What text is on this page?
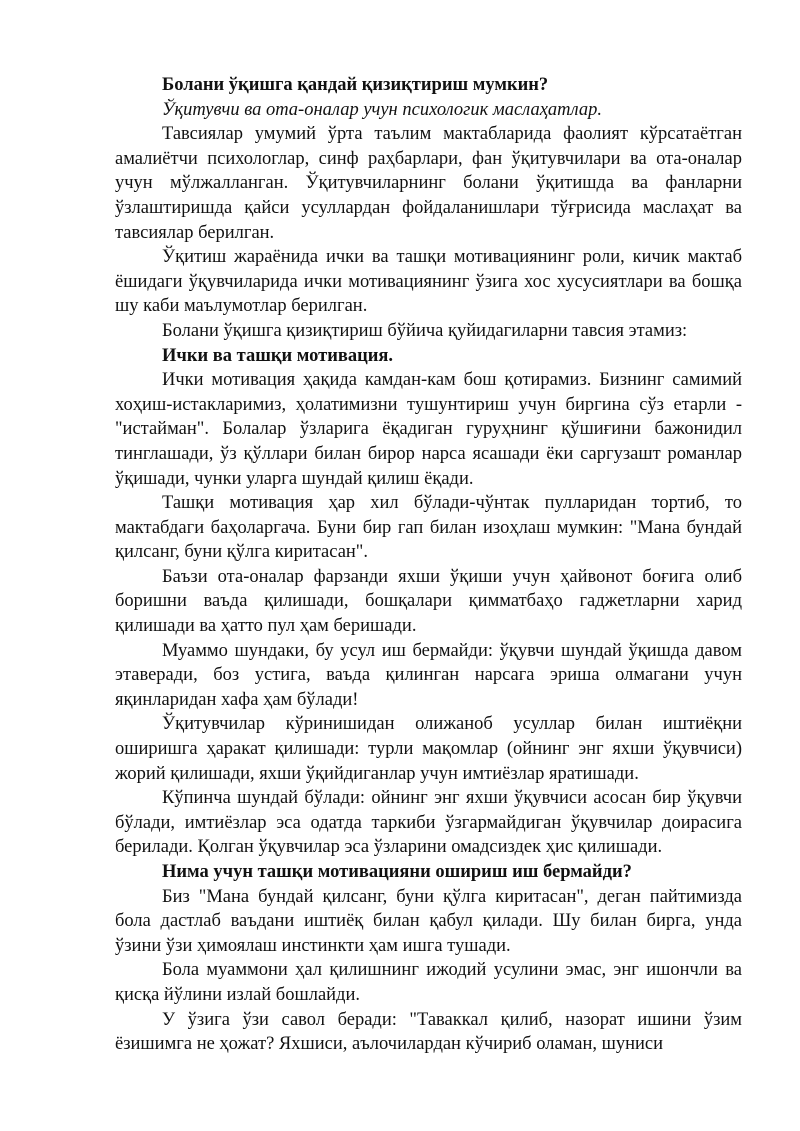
Болани ўқишга қандай қизиқтириш мумкин?

Ўқитувчи ва ота-оналар учун психологик маслаҳатлар.

Тавсиялар умумий ўрта таълим мактабларида фаолият кўрсатаётган амалиётчи психологлар, синф раҳбарлари, фан ўқитувчилари ва ота-оналар учун мўлжалланган. Ўқитувчиларнинг болани ўқитишда ва фанларни ўзлаштиришда қайси усуллардан фойдаланишлари тўғрисида маслаҳат ва тавсиялар берилган.

Ўқитиш жараёнида ички ва ташқи мотивациянинг роли, кичик мактаб ёшидаги ўқувчиларида ички мотивациянинг ўзига хос хусусиятлари ва бошқа шу каби маълумотлар берилган.

Болани ўқишга қизиқтириш бўйича қуйидагиларни тавсия этамиз:

Ички ва ташқи мотивация.

Ички мотивация ҳақида камдан-кам бош қотирамиз. Бизнинг самимий хоҳиш-истакларимиз, ҳолатимизни тушунтириш учун биргина сўз етарли - "истайман". Болалар ўзларига ёқадиган гуруҳнинг қўшиғини бажонидил тинглашади, ўз қўллари билан бирор нарса ясашади ёки саргузашт романлар ўқишади, чунки уларга шундай қилиш ёқади.

Ташқи мотивация ҳар хил бўлади-чўнтак пулларидан тортиб, то мактабдаги баҳоларгача. Буни бир гап билан изоҳлаш мумкин: "Мана бундай қилсанг, буни қўлга киритасан".

Баъзи ота-оналар фарзанди яхши ўқиши учун ҳайвонот боғига олиб боришни ваъда қилишади, бошқалари қимматбаҳо гаджетларни харид қилишади ва ҳатто пул ҳам беришади.

Муаммо шундаки, бу усул иш бермайди: ўқувчи шундай ўқишда давом этаверади, боз устига, ваъда қилинган нарсага эриша олмагани учун яқинларидан хафа ҳам бўлади!

Ўқитувчилар кўринишидан олижаноб усуллар билан иштиёқни оширишга ҳаракат қилишади: турли мақомлар (ойнинг энг яхши ўқувчиси) жорий қилишади, яхши ўқийдиганлар учун имтиёзлар яратишади.

Кўпинча шундай бўлади: ойнинг энг яхши ўқувчиси асосан бир ўқувчи бўлади, имтиёзлар эса одатда таркиби ўзгармайдиган ўқувчилар доирасига берилади. Қолган ўқувчилар эса ўзларини омадсиздек ҳис қилишади.

Нима учун ташқи мотивацияни ошириш иш бермайди?

Биз "Мана бундай қилсанг, буни қўлга киритасан", деган пайтимизда бола дастлаб ваъдани иштиёқ билан қабул қилади. Шу билан бирга, унда ўзини ўзи ҳимоялаш инстинкти ҳам ишга тушади.

Бола муаммони ҳал қилишнинг ижодий усулини эмас, энг ишончли ва қисқа йўлини излай бошлайди.

У ўзига ўзи савол беради: "Таваккал қилиб, назорат ишини ўзим ёзишимга не ҳожат? Яхшиси, аълочилардан кўчириб оламан, шуниси
